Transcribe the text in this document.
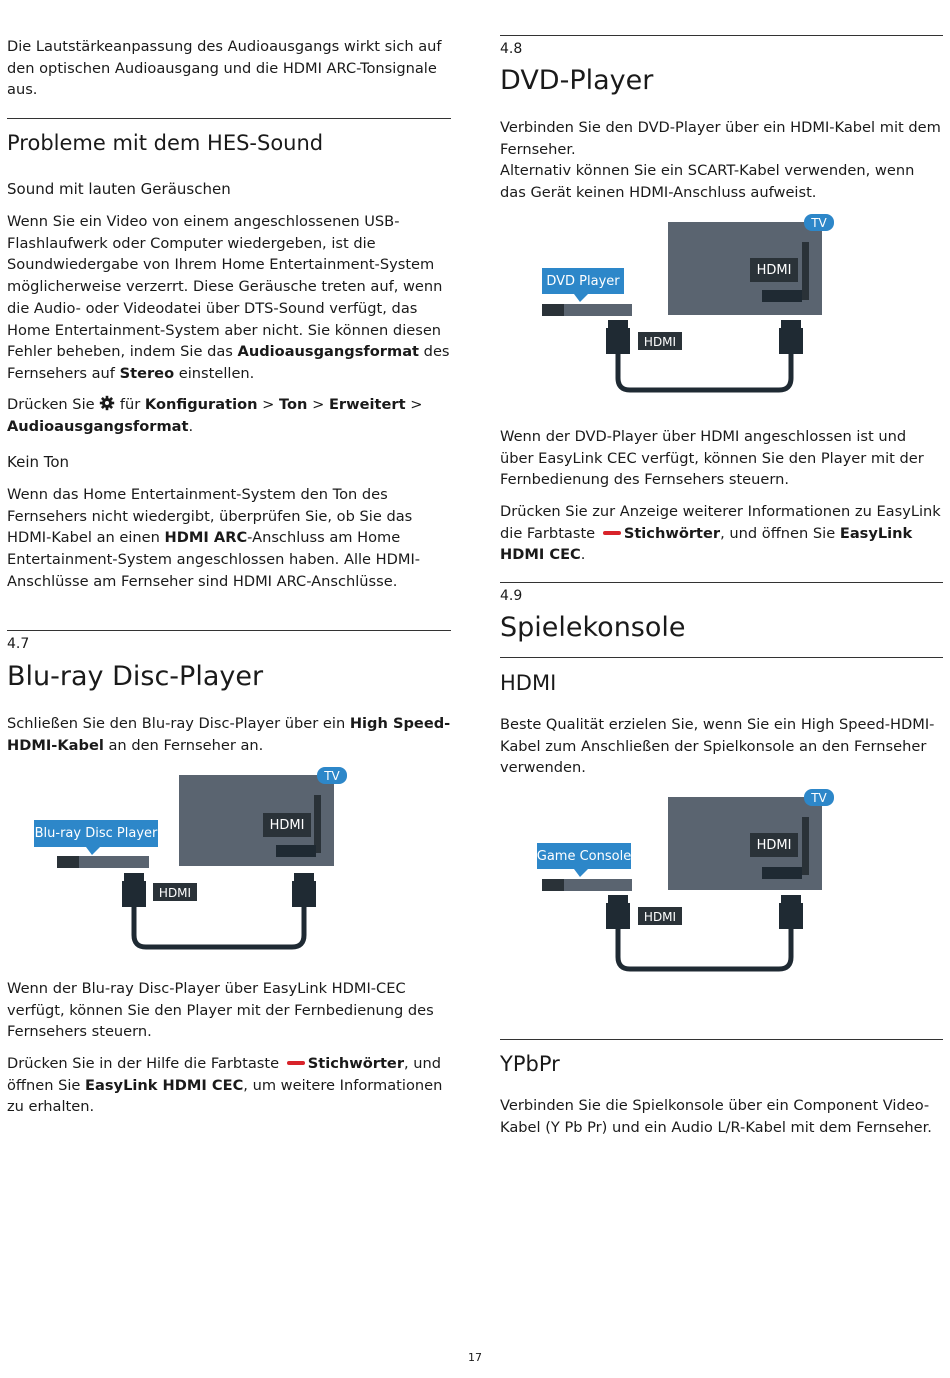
Die Lautstärkeanpassung des Audioausgangs wirkt sich auf den optischen Audioausgang und die HDMI ARC-Tonsignale aus.

Probleme mit dem HES-Sound
Sound mit lauten Geräuschen

Wenn Sie ein Video von einem angeschlossenen USB-Flashlaufwerk oder Computer wiedergeben, ist die Soundwiedergabe von Ihrem Home Entertainment-System möglicherweise verzerrt. Diese Geräusche treten auf, wenn die Audio- oder Videodatei über DTS-Sound verfügt, das Home Entertainment-System aber nicht. Sie können diesen Fehler beheben, indem Sie das Audioausgangsformat des Fernsehers auf Stereo einstellen.

Drücken Sie  für Konfiguration > Ton > Erweitert > Audioausgangsformat.

Kein Ton

Wenn das Home Entertainment-System den Ton des Fernsehers nicht wiedergibt, überprüfen Sie, ob Sie das HDMI-Kabel an einen HDMI ARC-Anschluss am Home Entertainment-System angeschlossen haben. Alle HDMI-Anschlüsse am Fernseher sind HDMI ARC-Anschlüsse.

4.7
Blu-ray Disc-Player

Schließen Sie den Blu-ray Disc-Player über ein High Speed-HDMI-Kabel an den Fernseher an.

TV
HDMI
Blu-ray Disc Player
HDMI

Wenn der Blu-ray Disc-Player über EasyLink HDMI-CEC verfügt, können Sie den Player mit der Fernbedienung des Fernsehers steuern.

Drücken Sie in der Hilfe die Farbtaste Stichwörter, und öffnen Sie EasyLink HDMI CEC, um weitere Informationen zu erhalten.

4.8
DVD-Player

Verbinden Sie den DVD-Player über ein HDMI-Kabel mit dem Fernseher.

Alternativ können Sie ein SCART-Kabel verwenden, wenn das Gerät keinen HDMI-Anschluss aufweist.

TV
HDMI
DVD Player
HDMI

Wenn der DVD-Player über HDMI angeschlossen ist und über EasyLink CEC verfügt, können Sie den Player mit der Fernbedienung des Fernsehers steuern.

Drücken Sie zur Anzeige weiterer Informationen zu EasyLink die Farbtaste Stichwörter, und öffnen Sie EasyLink HDMI CEC.

4.9
Spielekonsole
HDMI

Beste Qualität erzielen Sie, wenn Sie ein High Speed-HDMI-Kabel zum Anschließen der Spielkonsole an den Fernseher verwenden.

TV
HDMI
Game Console
HDMI
YPbPr

Verbinden Sie die Spielkonsole über ein Component Video-Kabel (Y Pb Pr) und ein Audio L/R-Kabel mit dem Fernseher.

17
